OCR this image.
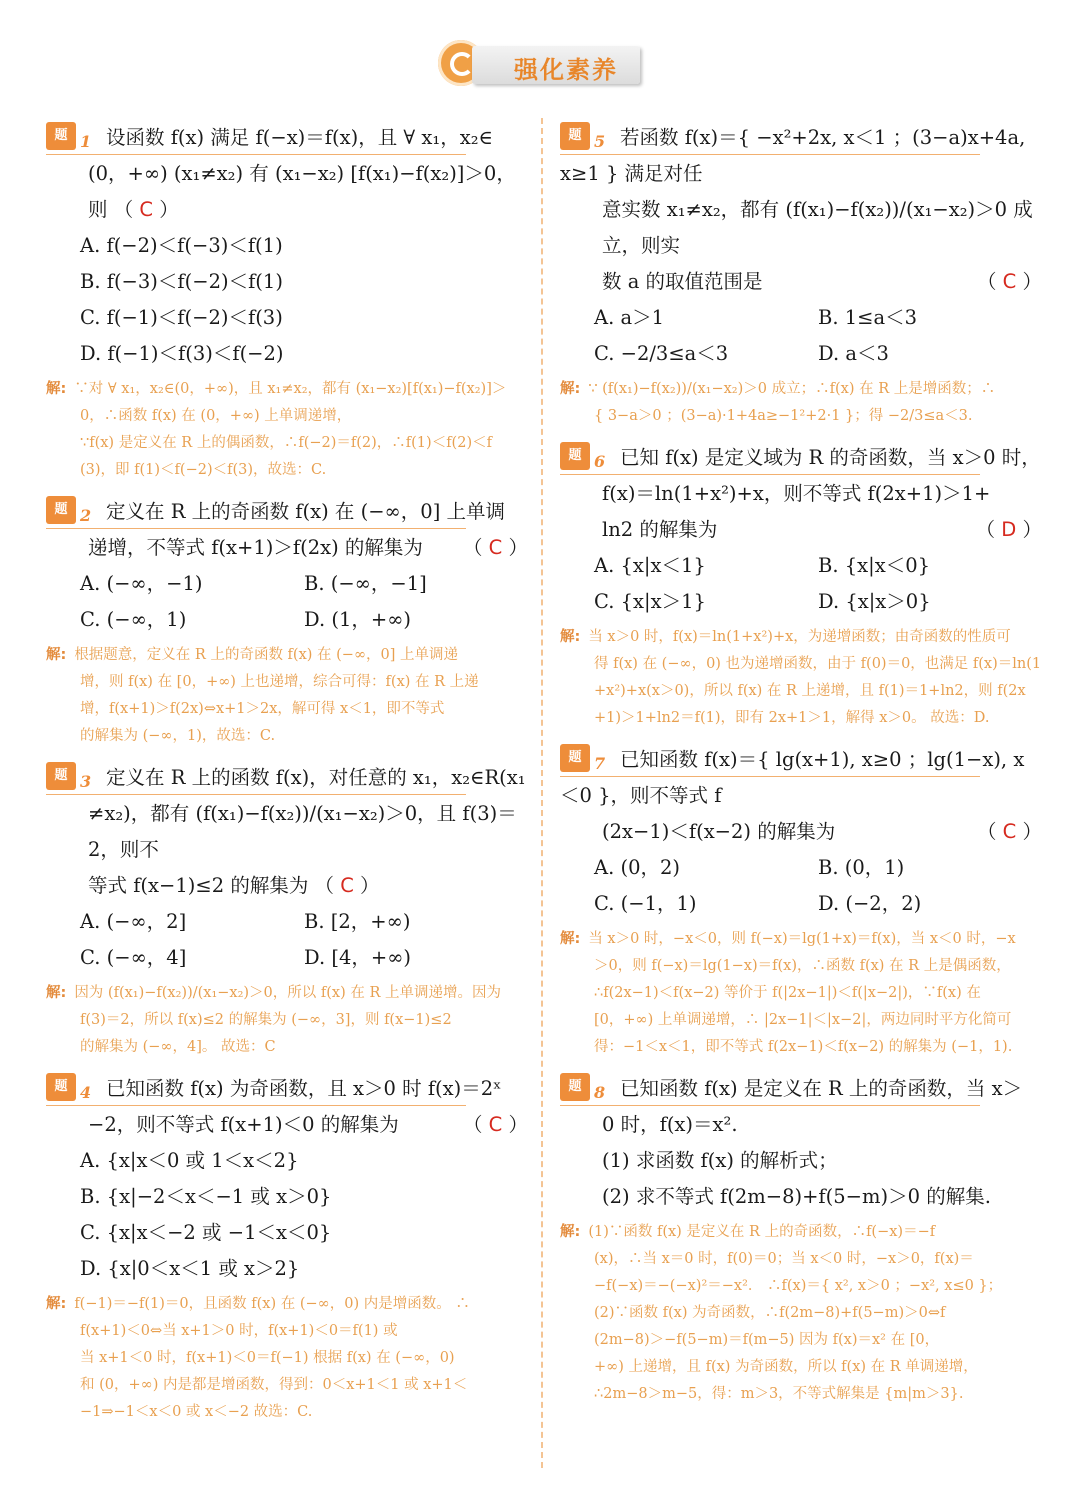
强化素养
题 1 设函数 f(x) 满足 f(−x)＝f(x)，且 ∀ x₁，x₂∈
(0，+∞) (x₁≠x₂) 有 (x₁−x₂) [f(x₁)−f(x₂)]＞0，
则 （ C ）
A. f(−2)＜f(−3)＜f(1)
B. f(−3)＜f(−2)＜f(1)
C. f(−1)＜f(−2)＜f(3)
D. f(−1)＜f(3)＜f(−2)
解: ∵对 ∀ x₁，x₂∈(0，+∞)，且 x₁≠x₂，都有 (x₁−x₂)[f(x₁)−f(x₂)]＞
0，∴函数 f(x) 在 (0，+∞) 上单调递增，
∵f(x) 是定义在 R 上的偶函数，∴f(−2)＝f(2)，∴f(1)＜f(2)＜f
(3)，即 f(1)＜f(−2)＜f(3)，故选：C.
题 2 定义在 R 上的奇函数 f(x) 在 (−∞，0] 上单调
递增，不等式 f(x+1)＞f(2x) 的解集为 （ C ）
A. (−∞，−1)	B. (−∞，−1]
C. (−∞，1)	D. (1，+∞)
解: 根据题意，定义在 R 上的奇函数 f(x) 在 (−∞，0] 上单调递
增，则 f(x) 在 [0，+∞) 上也递增，综合可得：f(x) 在 R 上递
增，f(x+1)＞f(2x)⇔x+1＞2x，解可得 x＜1，即不等式
的解集为 (−∞，1)，故选：C.
题 3 定义在 R 上的函数 f(x)，对任意的 x₁，x₂∈R(x₁
≠x₂)，都有 (f(x₁)−f(x₂))/(x₁−x₂)＞0，且 f(3)＝2，则不
等式 f(x−1)≤2 的解集为 （ C ）
A. (−∞，2]	B. [2，+∞)
C. (−∞，4]	D. [4，+∞)
解: 因为 (f(x₁)−f(x₂))/(x₁−x₂)＞0，所以 f(x) 在 R 上单调递增。因为
f(3)＝2，所以 f(x)≤2 的解集为 (−∞，3]，则 f(x−1)≤2
的解集为 (−∞，4]。 故选：C
题 4 已知函数 f(x) 为奇函数，且 x＞0 时 f(x)＝2ˣ
−2，则不等式 f(x+1)＜0 的解集为	（ C ）
A. {x|x＜0 或 1＜x＜2}
B. {x|−2＜x＜−1 或 x＞0}
C. {x|x＜−2 或 −1＜x＜0}
D. {x|0＜x＜1 或 x＞2}
解: f(−1)＝−f(1)＝0，且函数 f(x) 在 (−∞，0) 内是增函数。 ∴
f(x+1)＜0⇔当 x+1＞0 时，f(x+1)＜0＝f(1) 或
当 x+1＜0 时，f(x+1)＜0＝f(−1) 根据 f(x) 在 (−∞，0)
和 (0，+∞) 内是都是增函数，得到：0＜x+1＜1 或 x+1＜
−1⇒−1＜x＜0 或 x＜−2 故选：C.
题 5 若函数 f(x)＝{ −x²+2x, x＜1 ；(3−a)x+4a, x≥1 } 满足对任
意实数 x₁≠x₂，都有 (f(x₁)−f(x₂))/(x₁−x₂)＞0 成立，则实
数 a 的取值范围是	（ C ）
A. a＞1	B. 1≤a＜3
C. −2/3≤a＜3	D. a＜3
解: ∵ (f(x₁)−f(x₂))/(x₁−x₂)＞0 成立；∴f(x) 在 R 上是增函数；∴
{ 3−a＞0 ；(3−a)·1+4a≥−1²+2·1 }；得 −2/3≤a＜3.
题 6 已知 f(x) 是定义域为 R 的奇函数，当 x＞0 时，
f(x)＝ln(1+x²)+x，则不等式 f(2x+1)＞1+
ln2 的解集为	（ D ）
A. {x|x＜1}	B. {x|x＜0}
C. {x|x＞1}	D. {x|x＞0}
解: 当 x＞0 时，f(x)＝ln(1+x²)+x，为递增函数；由奇函数的性质可
得 f(x) 在 (−∞，0) 也为递增函数，由于 f(0)＝0，也满足 f(x)＝ln(1
+x²)+x(x＞0)，所以 f(x) 在 R 上递增，且 f(1)＝1+ln2，则 f(2x
+1)＞1+ln2＝f(1)，即有 2x+1＞1，解得 x＞0。 故选：D.
题 7 已知函数 f(x)＝{ lg(x+1), x≥0 ；lg(1−x), x＜0 }，则不等式 f
(2x−1)＜f(x−2) 的解集为	（ C ）
A. (0，2)	B. (0，1)
C. (−1，1)	D. (−2，2)
解: 当 x＞0 时，−x＜0，则 f(−x)＝lg(1+x)＝f(x)，当 x＜0 时，−x
＞0，则 f(−x)＝lg(1−x)＝f(x)，∴函数 f(x) 在 R 上是偶函数，
∴f(2x−1)＜f(x−2) 等价于 f(|2x−1|)＜f(|x−2|)，∵f(x) 在
[0，+∞) 上单调递增，∴ |2x−1|＜|x−2|，两边同时平方化简可
得：−1＜x＜1，即不等式 f(2x−1)＜f(x−2) 的解集为 (−1，1).
题 8 已知函数 f(x) 是定义在 R 上的奇函数，当 x＞
0 时，f(x)＝x².
(1) 求函数 f(x) 的解析式；
(2) 求不等式 f(2m−8)+f(5−m)＞0 的解集.
解: (1)∵函数 f(x) 是定义在 R 上的奇函数，∴f(−x)＝−f
(x)，∴当 x＝0 时，f(0)＝0；当 x＜0 时，−x＞0，f(x)＝
−f(−x)＝−(−x)²＝−x²． ∴f(x)＝{ x², x＞0 ；−x², x≤0 }；
(2)∵函数 f(x) 为奇函数，∴f(2m−8)+f(5−m)＞0⇔f
(2m−8)＞−f(5−m)＝f(m−5) 因为 f(x)＝x² 在 [0，
+∞) 上递增，且 f(x) 为奇函数，所以 f(x) 在 R 单调递增，
∴2m−8＞m−5，得：m＞3，不等式解集是 {m|m＞3}.
